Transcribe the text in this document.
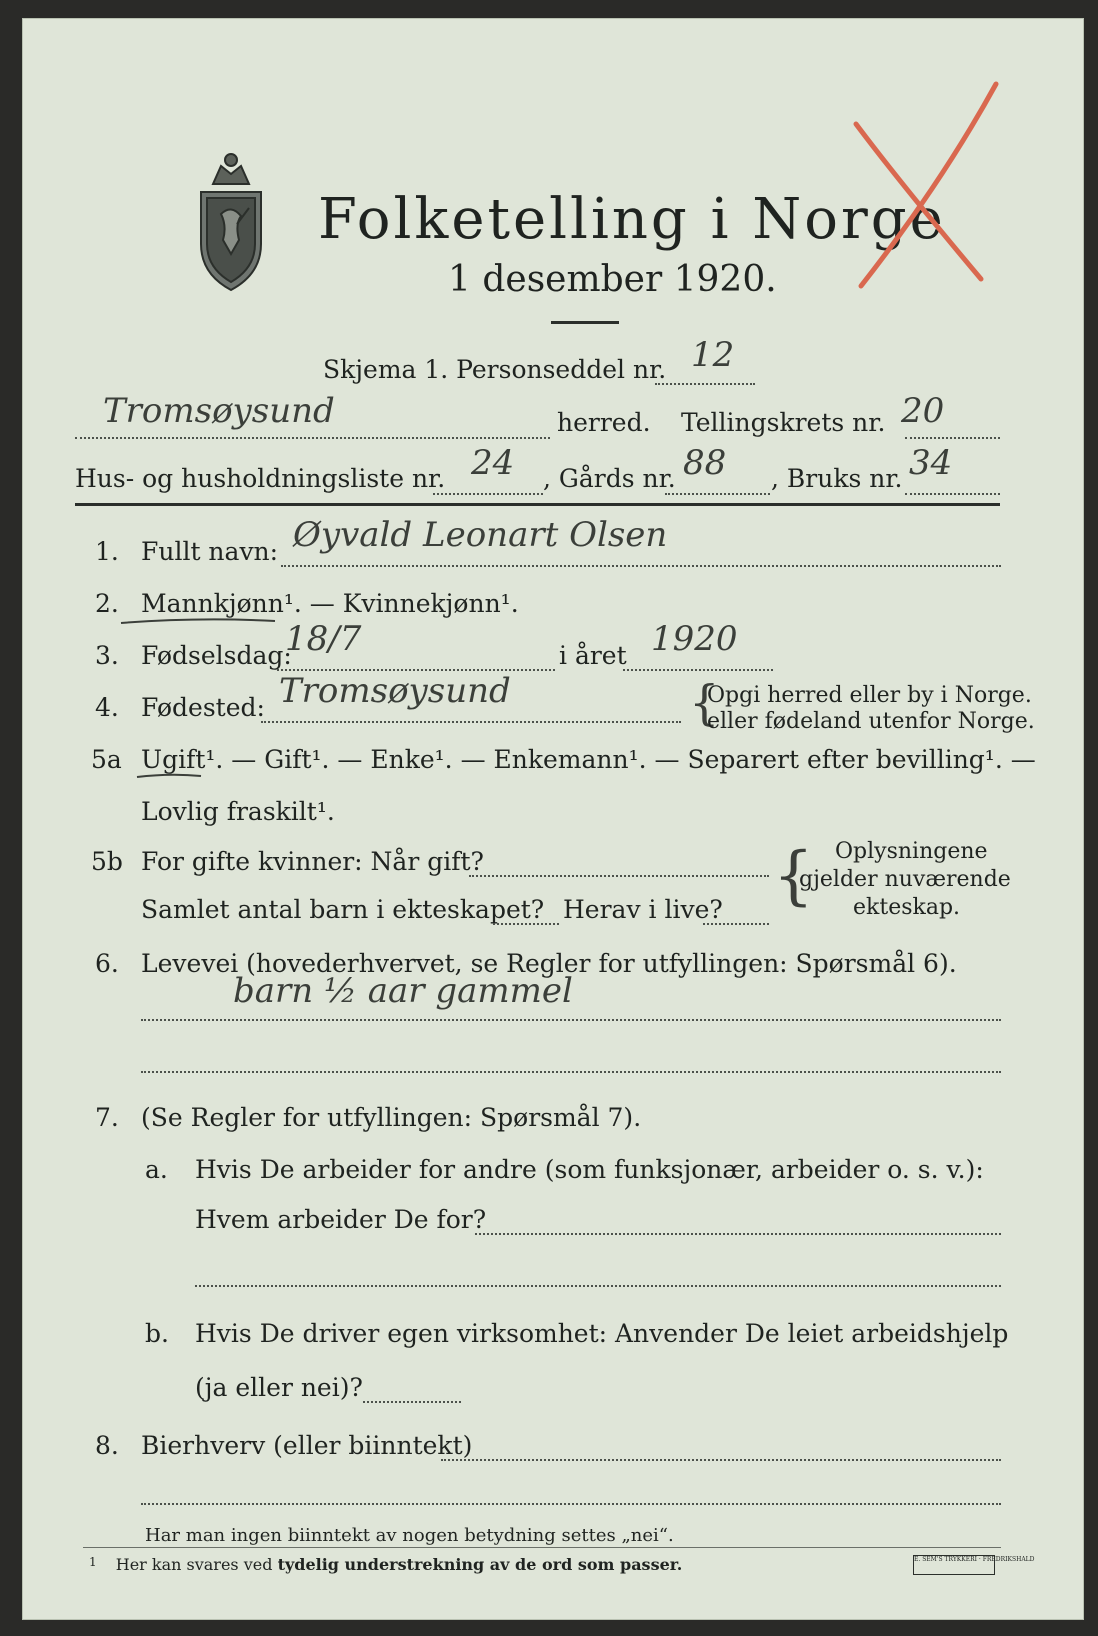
Folketelling i Norge
1 desember 1920.
Skjema 1. Personseddel nr. 12
Tromsøysund	herred. Tellingskrets nr. 20
Hus- og husholdningsliste nr. 24 , Gårds nr. 88 , Bruks nr. 34
1. Fullt navn: Øyvald Leonart Olsen
2. Mannkjønn¹. — Kvinnekjønn¹.
3. Fødselsdag:
18/7	i året 1920
4. Fødested: Tromsøysund	{
Opgi herred eller by i Norge.
eller fødeland utenfor Norge.
5a Ugift¹. — Gift¹. — Enke¹. — Enkemann¹. — Separert efter bevilling¹. —
Lovlig fraskilt¹.
5b For gifte kvinner: Når gift?
Samlet antal barn i ekteskapet? Herav i live? { Oplysningene
gjelder nuværende
ekteskap.
6. Levevei (hovederhvervet, se Regler for utfyllingen: Spørsmål 6).
barn ½ aar gammel
7. (Se Regler for utfyllingen: Spørsmål 7).
a. Hvis De arbeider for andre (som funksjonær, arbeider o. s. v.):
Hvem arbeider De for?
b. Hvis De driver egen virksomhet: Anvender De leiet arbeidshjelp
(ja eller nei)?
8. Bierhverv (eller biinntekt)
Har man ingen biinntekt av nogen betydning settes „nei“.
$^1$ Her kan svares ved tydelig understrekning av de ord som passer.	E. SEM'S TRYKKERI · FREDRIKSHALD
